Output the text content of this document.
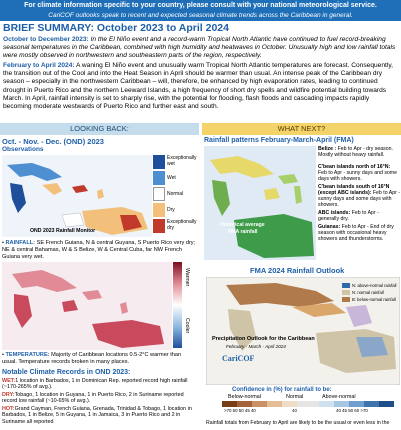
For climate information specific to your country, please consult with your national meteorological service.
CariCOF outlooks speak to recent and expected seasonal climate trends across the Caribbean in general.
BRIEF SUMMARY: October 2023 to April 2024

October to December 2023: In the El Niño event and a record-warm Tropical North Atlantic have continued to fuel record-breaking seasonal temperatures in the Caribbean, combined with high humidity and heatwaves in October. Unusually high and low rainfall totals were mostly observed in northwestern and southeastern parts of the region, respectively.

February to April 2024: A waning El Niño event and unusually warm Tropical North Atlantic temperatures are forecast. Consequently, the transition out of the Cool and into the Heat Season in April should be warmer than usual. An intense peak of the Caribbean dry season – especially in the northwestern Caribbean – will, therefore, be enhanced by high evaporation rates, leading to continued drought in Puerto Rico and the northern Leeward Islands, a high frequency of short dry spells and wildfire potential building towards March. In April, rainfall intensity is set to sharply rise, with the potential for flooding, flash floods and cascading impacts rapidly becoming moderate westwards of Puerto Rico and further east and south.

LOOKING BACK:
Oct. - Nov. - Dec. (OND) 2023
Observations
OND 2023 Rainfall Monitor
Exceptionally wet
Wet
Normal
Dry
Exceptionally dry
• RAINFALL: SE French Guiana, N & central Guyana, S Puerto Rico very dry; NE & central Bahamas, W & S Belize, W & Central Cuba, far NW French Guiana very wet.
Warmer
Cooler
• TEMPERATURE: Majority of Caribbean locations 0.5-2°C warmer than usual. Temperature records broken in many places.
Notable Climate Records in OND 2023:
WET:1 location in Barbados, 1 in Dominican Rep. reported record high rainfall (~170-265% of avg.).
DRY:Tobago, 1 location in Guyana, 1 in Puerto Rico, 2 in Suriname reported record low rainfall (~10-65% of avg.).
HOT:Grand Cayman, French Guiana, Grenada, Trinidad & Tobago, 1 location in Barbados, 1 in Belize, 5 in Guyana, 1 in Jamaica, 3 in Puerto Rico and 2 in Suriname all reported
WHAT NEXT?
Rainfall patterns February-March-April (FMA)
Historical average
FMA rainfall
Belize : Feb to Apr - dry season. Mostly without heavy rainfall.
C'bean islands north of 16°N: Feb to Apr - sunny days and some days with showers.
C'bean islands south of 16°N (except ABC islands): Feb to Apr - sunny days and some days with showers.
ABC islands: Feb to Apr - generally dry.
Guianas: Feb to Apr - End of dry season with occasional heavy showers and thunderstorms.
FMA 2024 Rainfall Outlook
N: above-normal rainfall
N: normal rainfall
B: below-normal rainfall
Precipitation Outlook for the Caribbean
February - March - April 2024
CariCOF
Confidence in (%) for rainfall to be:
Below-normal	Normal	Above-normal
>70 60 50 45 40	40	40 45 50 60 >70
Rainfall totals from February to April are likely to be the usual or even less in the
